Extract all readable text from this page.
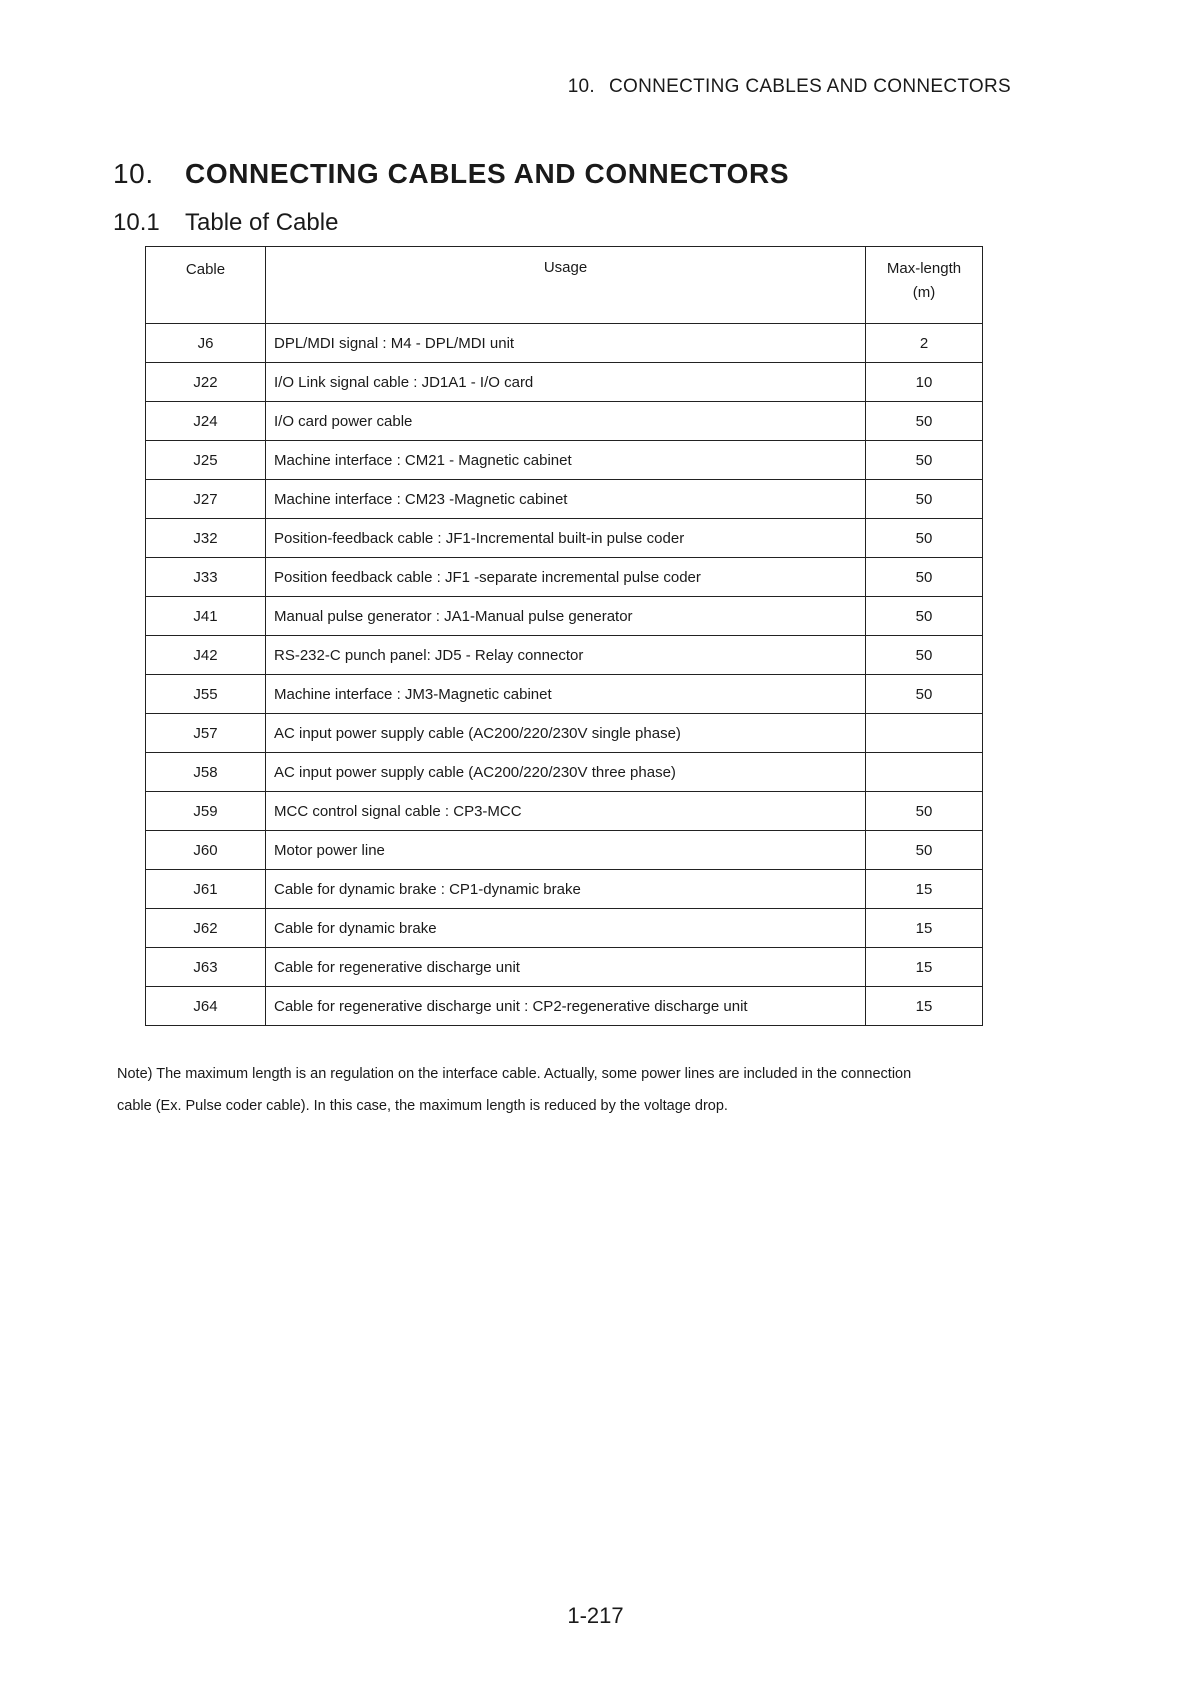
10. CONNECTING CABLES AND CONNECTORS
10. CONNECTING CABLES AND CONNECTORS
10.1 Table of Cable
Cable	Usage	Max-length
(m)
J6	DPL/MDI signal : M4 - DPL/MDI unit	2
J22	I/O Link signal cable : JD1A1 - I/O card	10
J24	I/O card power cable	50
J25	Machine interface : CM21 - Magnetic cabinet	50
J27	Machine interface : CM23 -Magnetic cabinet	50
J32	Position-feedback cable : JF1-Incremental built-in pulse coder	50
J33	Position feedback cable : JF1 -separate incremental pulse coder	50
J41	Manual pulse generator : JA1-Manual pulse generator	50
J42	RS-232-C punch panel: JD5 - Relay connector	50
J55	Machine interface : JM3-Magnetic cabinet	50
J57	AC input power supply cable (AC200/220/230V single phase)	
J58	AC input power supply cable (AC200/220/230V three phase)	
J59	MCC control signal cable : CP3-MCC	50
J60	Motor power line	50
J61	Cable for dynamic brake : CP1-dynamic brake	15
J62	Cable for dynamic brake	15
J63	Cable for regenerative discharge unit	15
J64	Cable for regenerative discharge unit : CP2-regenerative discharge unit	15
Note) The maximum length is an regulation on the interface cable. Actually, some power lines are included in the connection
cable (Ex. Pulse coder cable). In this case, the maximum length is reduced by the voltage drop.
1-217
